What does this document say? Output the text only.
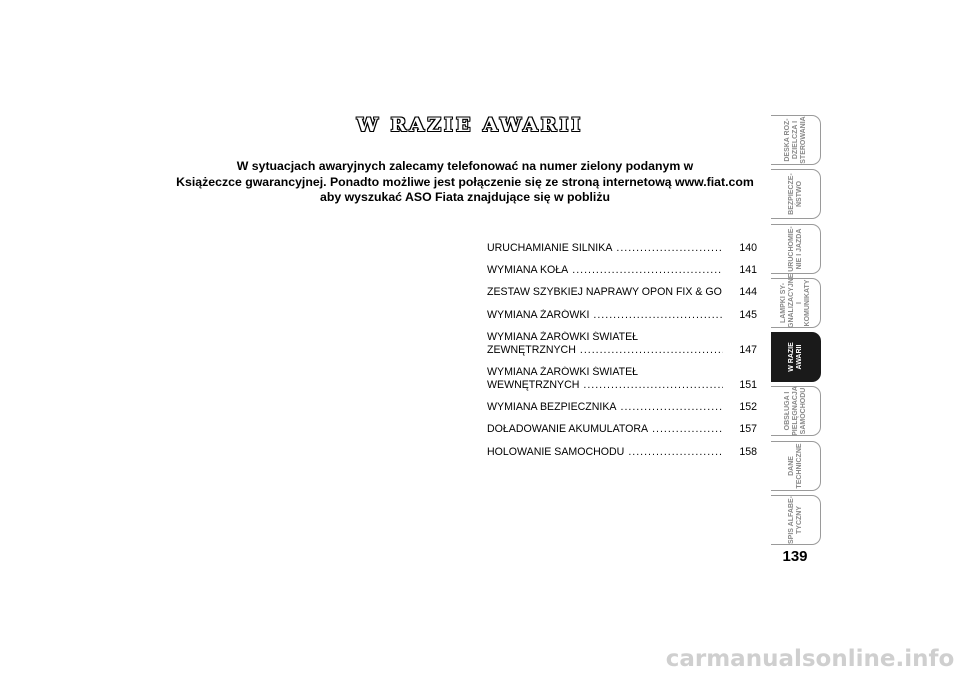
W RAZIE AWARII
W sytuacjach awaryjnych zalecamy telefonować na numer zielony podanym w
Książeczce gwarancyjnej. Ponadto możliwe jest połączenie się ze stroną internetową www.fiat.com
aby wyszukać ASO Fiata znajdujące się w pobliżu
URUCHAMIANIE SILNIKA .....	140
WYMIANA KOŁA .....	141
ZESTAW SZYBKIEJ NAPRAWY OPON FIX & GO	144
WYMIANA ŻARÓWKI .....	145
WYMIANA ŻARÓWKI ŚWIATEŁ
ZEWNĘTRZNYCH .....	147
WYMIANA ŻARÓWKI ŚWIATEŁ
WEWNĘTRZNYCH .....	151
WYMIANA BEZPIECZNIKA .....	152
DOŁADOWANIE AKUMULATORA .....	157
HOLOWANIE SAMOCHODU .....	158
DESKA ROZ-
DZIELCZA I
STEROWANIA
BEZPIECZE-
ŃSTWO
URUCHOMIE-
NIE I JAZDA
LAMPKI SY-
GNALIZACYJNE
I KOMUNIKATY
W RAZIE
AWARII
OBSŁUGA I
PIELĘGNACJA
SAMOCHODU
DANE
TECHNICZNE
SPIS ALFABE-
TYCZNY
139
carmanualsonline.info
